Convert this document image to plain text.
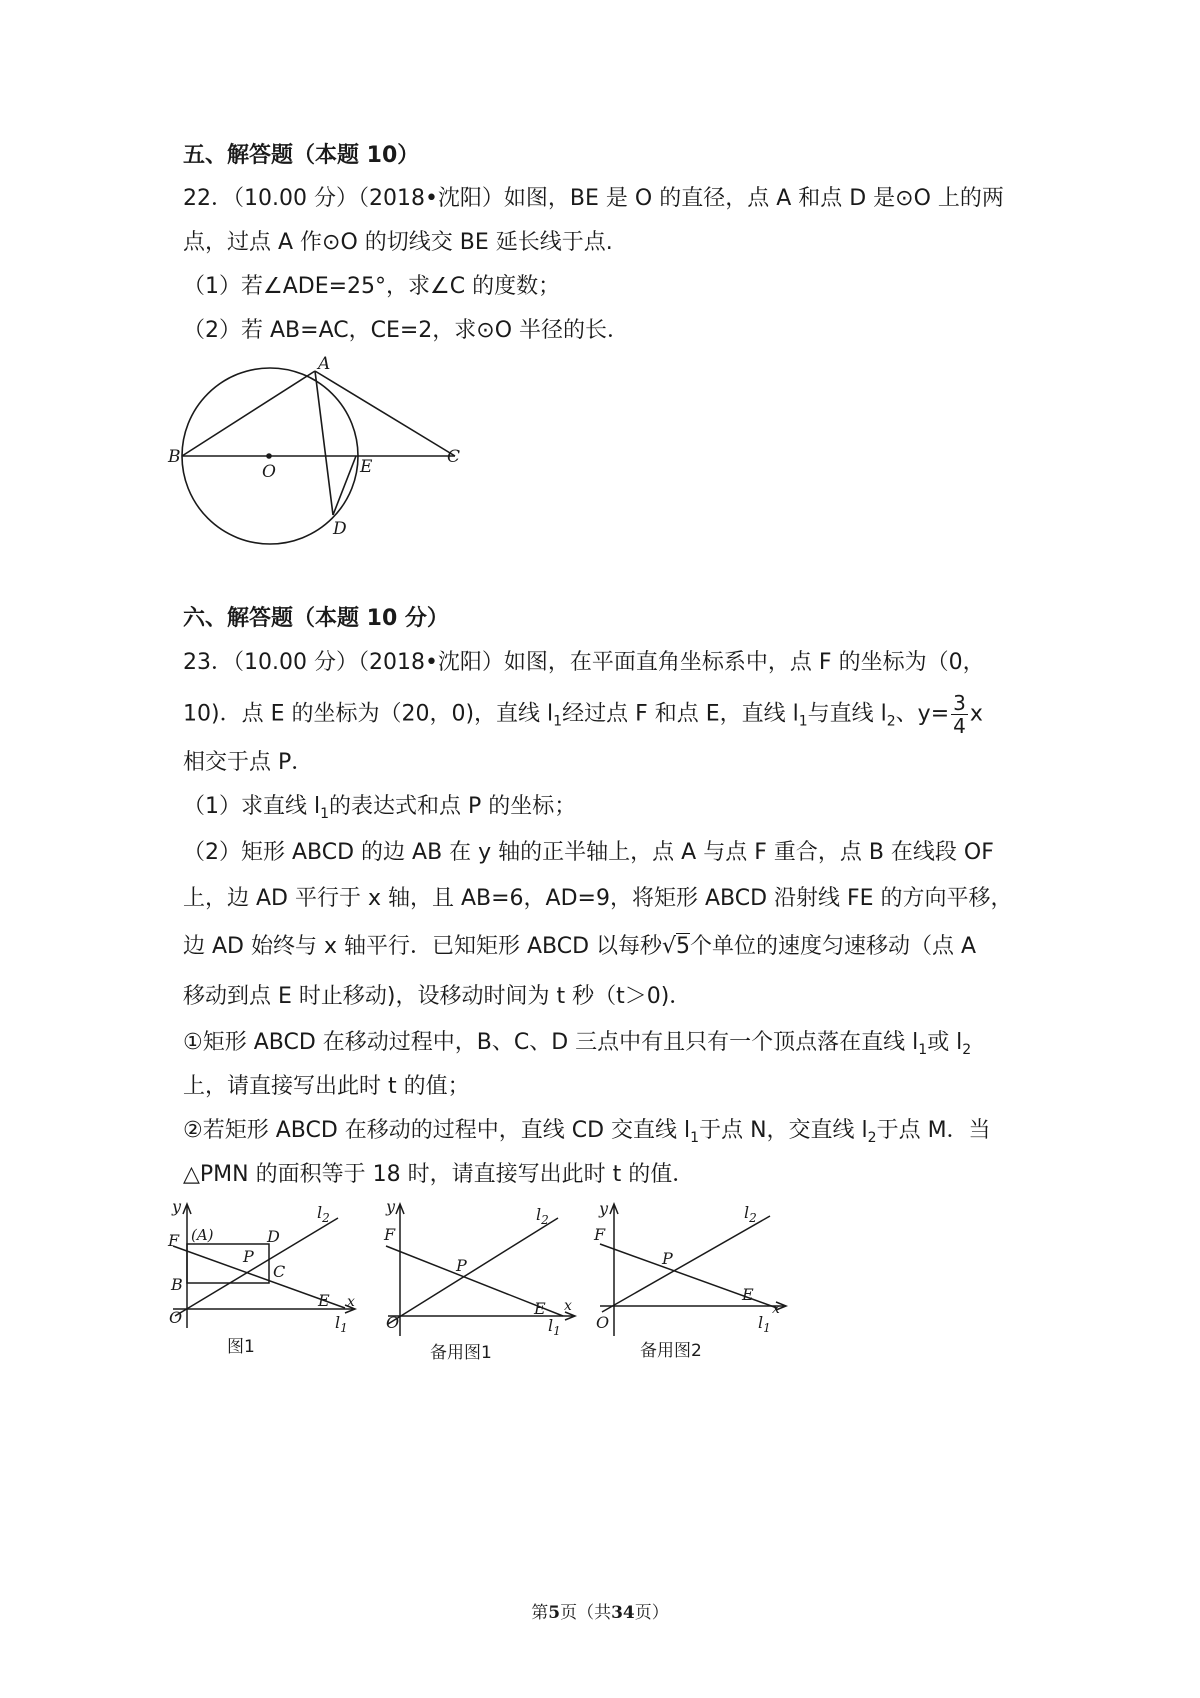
五、解答题（本题 10）
22．（10.00 分）（2018•沈阳）如图，BE 是 O 的直径，点 A 和点 D 是⊙O 上的两
点，过点 A 作⊙O 的切线交 BE 延长线于点.
（1）若∠ADE=25°，求∠C 的度数；
（2）若 AB=AC，CE=2，求⊙O 半径的长．
A
B
O	E	C
D
六、解答题（本题 10 分）
23．（10.00 分）（2018•沈阳）如图，在平面直角坐标系中，点 F 的坐标为（0，
10)．点 E 的坐标为（20，0)，直线 $l_1$经过点 F 和点 E，直线 $l_1$与直线 $l_2$、$y= \frac{3}{4}$ x
相交于点 P．
（1）求直线 $l_1$的表达式和点 P 的坐标；
（2）矩形 ABCD 的边 AB 在 y 轴的正半轴上，点 A 与点 F 重合，点 B 在线段 OF
上，边 AD 平行于 x 轴，且 AB=6，AD=9，将矩形 ABCD 沿射线 FE 的方向平移，
边 AD 始终与 x 轴平行．已知矩形 ABCD 以每秒√5个单位的速度匀速移动（点 A
移动到点 E 时止移动)，设移动时间为 t 秒（t＞0)．
①矩形 ABCD 在移动过程中，B、C、D 三点中有且只有一个顶点落在直线 $l_1$或 $l_2$
上，请直接写出此时 t 的值；
②若矩形 ABCD 在移动的过程中，直线 CD 交直线 $l_1$于点 N，交直线 $l_2$于点 M．当
△PMN 的面积等于 18 时，请直接写出此时 t 的值．
y
F (A)	D
P
C
B
O
E x
$l_2$
$l_1$
图1
y
F
P
E
O
x
$l_2$
$l_1$
备用图1
y
F
P
E
O
x
$l_2$
$l_1$
备用图2
第5页（共34页）
